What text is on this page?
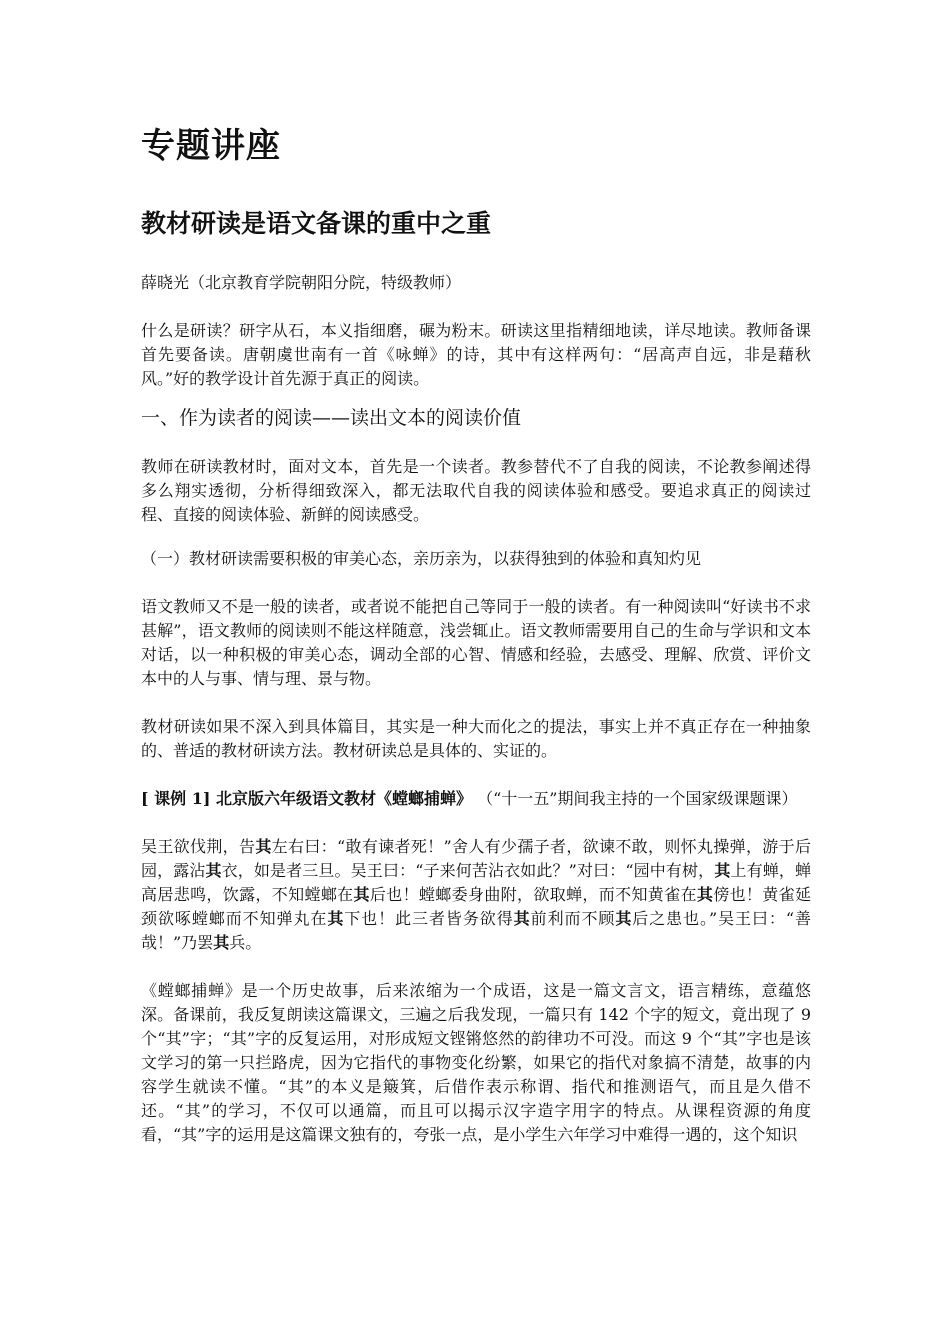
专题讲座
教材研读是语文备课的重中之重
薛晓光（北京教育学院朝阳分院，特级教师）

什么是研读？研字从石，本义指细磨，碾为粉末。研读这里指精细地读，详尽地读。教师备课首先要备读。唐朝虞世南有一首《咏蝉》的诗，其中有这样两句：“居高声自远，非是藉秋风。”好的教学设计首先源于真正的阅读。

一、作为读者的阅读——读出文本的阅读价值

教师在研读教材时，面对文本，首先是一个读者。教参替代不了自我的阅读，不论教参阐述得多么翔实透彻，分析得细致深入，都无法取代自我的阅读体验和感受。要追求真正的阅读过程、直接的阅读体验、新鲜的阅读感受。

（一）教材研读需要积极的审美心态，亲历亲为，以获得独到的体验和真知灼见

语文教师又不是一般的读者，或者说不能把自己等同于一般的读者。有一种阅读叫“好读书不求甚解”，语文教师的阅读则不能这样随意，浅尝辄止。语文教师需要用自己的生命与学识和文本对话，以一种积极的审美心态，调动全部的心智、情感和经验，去感受、理解、欣赏、评价文本中的人与事、情与理、景与物。

教材研读如果不深入到具体篇目，其实是一种大而化之的提法，事实上并不真正存在一种抽象的、普适的教材研读方法。教材研读总是具体的、实证的。

[ 课例 1] 北京版六年级语文教材《螳螂捕蝉》 （“十一五”期间我主持的一个国家级课题课）

吴王欲伐荆，告其左右曰：“敢有谏者死！”舍人有少孺子者，欲谏不敢，则怀丸操弹，游于后园，露沾其衣，如是者三旦。吴王曰：“子来何苦沾衣如此？”对曰：“园中有树，其上有蝉，蝉高居悲鸣，饮露，不知螳螂在其后也！螳螂委身曲附，欲取蝉，而不知黄雀在其傍也！黄雀延颈欲啄螳螂而不知弹丸在其下也！此三者皆务欲得其前利而不顾其后之患也。”吴王曰：“善哉！”乃罢其兵。

《螳螂捕蝉》是一个历史故事，后来浓缩为一个成语，这是一篇文言文，语言精练，意蕴悠深。备课前，我反复朗读这篇课文，三遍之后我发现，一篇只有 142 个字的短文，竟出现了 9 个“其”字；“其”字的反复运用，对形成短文铿锵悠然的韵律功不可没。而这 9 个“其”字也是该文学习的第一只拦路虎，因为它指代的事物变化纷繁，如果它的指代对象搞不清楚，故事的内容学生就读不懂。“其”的本义是簸箕，后借作表示称谓、指代和推测语气，而且是久借不还。“其”的学习，不仅可以通篇，而且可以揭示汉字造字用字的特点。从课程资源的角度看，“其”字的运用是这篇课文独有的，夸张一点，是小学生六年学习中难得一遇的，这个知识
